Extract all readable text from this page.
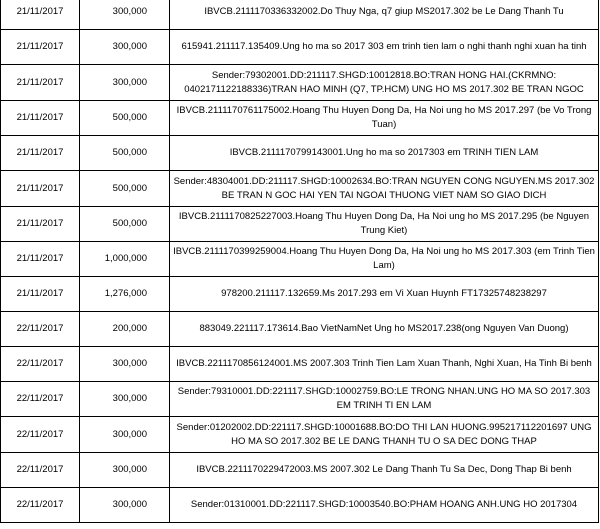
21/11/2017	300,000	IBVCB.2111170336332002.Do Thuy Nga, q7 giup MS2017.302 be Le Dang Thanh Tu
21/11/2017	300,000	615941.211117.135409.Ung ho ma so 2017 303 em trinh tien lam o nghi thanh nghi xuan ha tinh
21/11/2017	300,000	Sender:79302001.DD:211117.SHGD:10012818.BO:TRAN HONG HAI.(CKRMNO: 0402171122188336)TRAN HAO MINH (Q7, TP.HCM) UNG HO MS 2017.302 BE TRAN NGOC
21/11/2017	500,000	IBVCB.2111170761175002.Hoang Thu Huyen Dong Da, Ha Noi ung ho MS 2017.297 (be Vo Trong Tuan)
21/11/2017	500,000	IBVCB.2111170799143001.Ung ho ma so 2017303 em TRINH TIEN LAM
21/11/2017	500,000	Sender:48304001.DD:211117.SHGD:10002634.BO:TRAN NGUYEN CONG NGUYEN.MS 2017.302 BE TRAN N GOC HAI YEN TAI NGOAI THUONG VIET NAM SO GIAO DICH
21/11/2017	500,000	IBVCB.2111170825227003.Hoang Thu Huyen Dong Da, Ha Noi ung ho MS 2017.295 (be Nguyen Trung Kiet)
21/11/2017	1,000,000	IBVCB.2111170399259004.Hoang Thu Huyen Dong Da, Ha Noi ung ho MS 2017.303 (em Trinh Tien Lam)
21/11/2017	1,276,000	978200.211117.132659.Ms 2017.293 em Vi Xuan Huynh FT17325748238297
22/11/2017	200,000	883049.221117.173614.Bao VietNamNet Ung ho MS2017.238(ong Nguyen Van Duong)
22/11/2017	300,000	IBVCB.2211170856124001.MS 2007.303 Trinh Tien Lam Xuan Thanh, Nghi Xuan, Ha Tinh Bi benh
22/11/2017	300,000	Sender:79310001.DD:221117.SHGD:10002759.BO:LE TRONG NHAN.UNG HO MA SO 2017.303 EM TRINH TI EN LAM
22/11/2017	300,000	Sender:01202002.DD:221117.SHGD:10001688.BO:DO THI LAN HUONG.995217112201697 UNG HO MA SO 2017.302 BE LE DANG THANH TU O SA DEC DONG THAP
22/11/2017	300,000	IBVCB.2211170229472003.MS 2007.302 Le Dang Thanh Tu Sa Dec, Dong Thap Bi benh
22/11/2017	300,000	Sender:01310001.DD:221117.SHGD:10003540.BO:PHAM HOANG ANH.UNG HO 2017304
